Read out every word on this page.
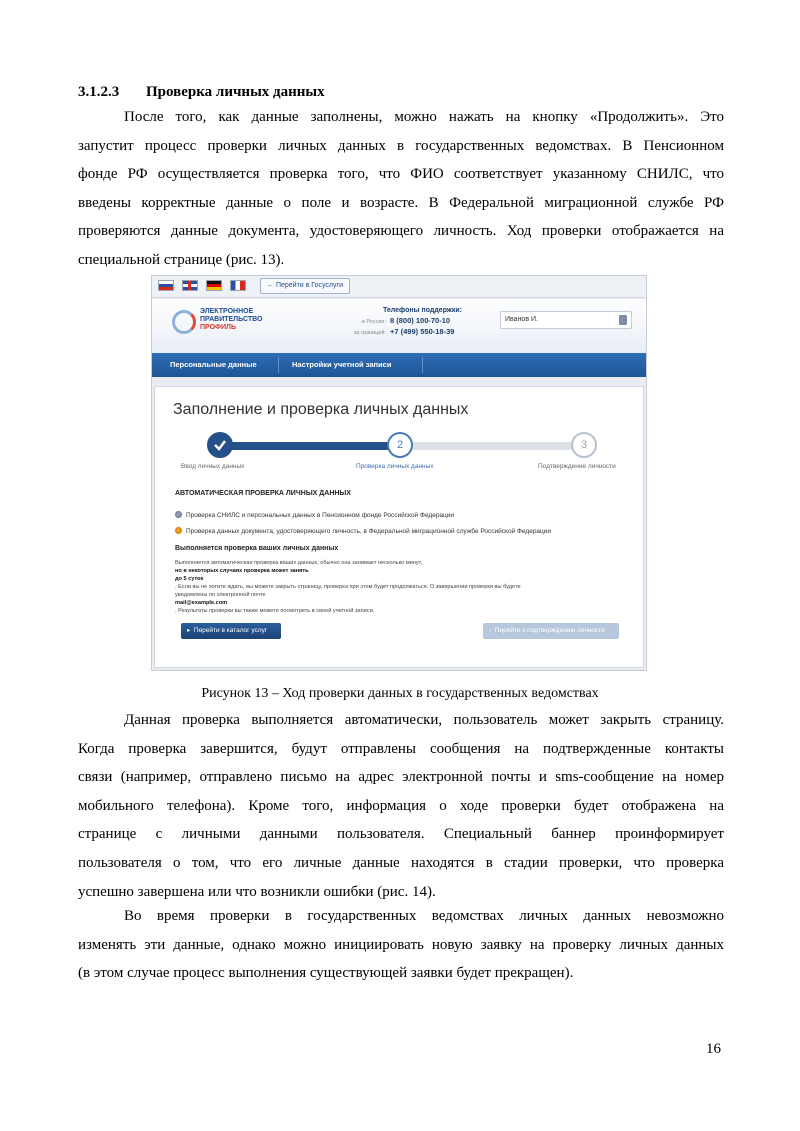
3.1.2.3 Проверка личных данных
После того, как данные заполнены, можно нажать на кнопку «Продолжить». Это
запустит процесс проверки личных данных в государственных ведомствах. В Пенсионном
фонде РФ осуществляется проверка того, что ФИО соответствует указанному СНИЛС, что
введены корректные данные о поле и возрасте. В Федеральной миграционной службе РФ
проверяются данные документа, удостоверяющего личность. Ход проверки отображается на
специальной странице (рис. 13).
← Перейти в Госуслуги
ЭЛЕКТРОННОЕ
ПРАВИТЕЛЬСТВО
ПРОФИЛЬ
Телефоны поддержки:
в России: 8 (800) 100-70-10
за границей: +7 (499) 550-18-39
Иванов И.
Персональные данные	Настройки учетной записи
Заполнение и проверка личных данных
2	3
Ввод личных данных	Проверка личных данных	Подтверждение личности
АВТОМАТИЧЕСКАЯ ПРОВЕРКА ЛИЧНЫХ ДАННЫХ
Проверка СНИЛС и персональных данных в Пенсионном фонде Российской Федерации
Проверка данных документа, удостоверяющего личность, в Федеральной миграционной службе Российской Федерации
Выполняется проверка ваших личных данных
Выполняется автоматическая проверка ваших данных, обычно она занимает несколько минут,
но в некоторых случаях проверка может занять
до 5 суток
. Если вы не хотите ждать, вы можете закрыть страницу, проверка при этом будет продолжаться. О завершении проверки вы будете
уведомлены по электронной почте
mail@example.com
. Результаты проверки вы также можете посмотреть в своей учетной записи.
▸ Перейти в каталог услуг	› Перейти к подтверждению личности
Рисунок 13 – Ход проверки данных в государственных ведомствах
Данная проверка выполняется автоматически, пользователь может закрыть страницу.
Когда проверка завершится, будут отправлены сообщения на подтвержденные контакты
связи (например, отправлено письмо на адрес электронной почты и sms-сообщение на номер
мобильного телефона). Кроме того, информация о ходе проверки будет отображена на
странице с личными данными пользователя. Специальный баннер проинформирует
пользователя о том, что его личные данные находятся в стадии проверки, что проверка
успешно завершена или что возникли ошибки (рис. 14).
Во время проверки в государственных ведомствах личных данных невозможно
изменять эти данные, однако можно инициировать новую заявку на проверку личных данных
(в этом случае процесс выполнения существующей заявки будет прекращен).
16
